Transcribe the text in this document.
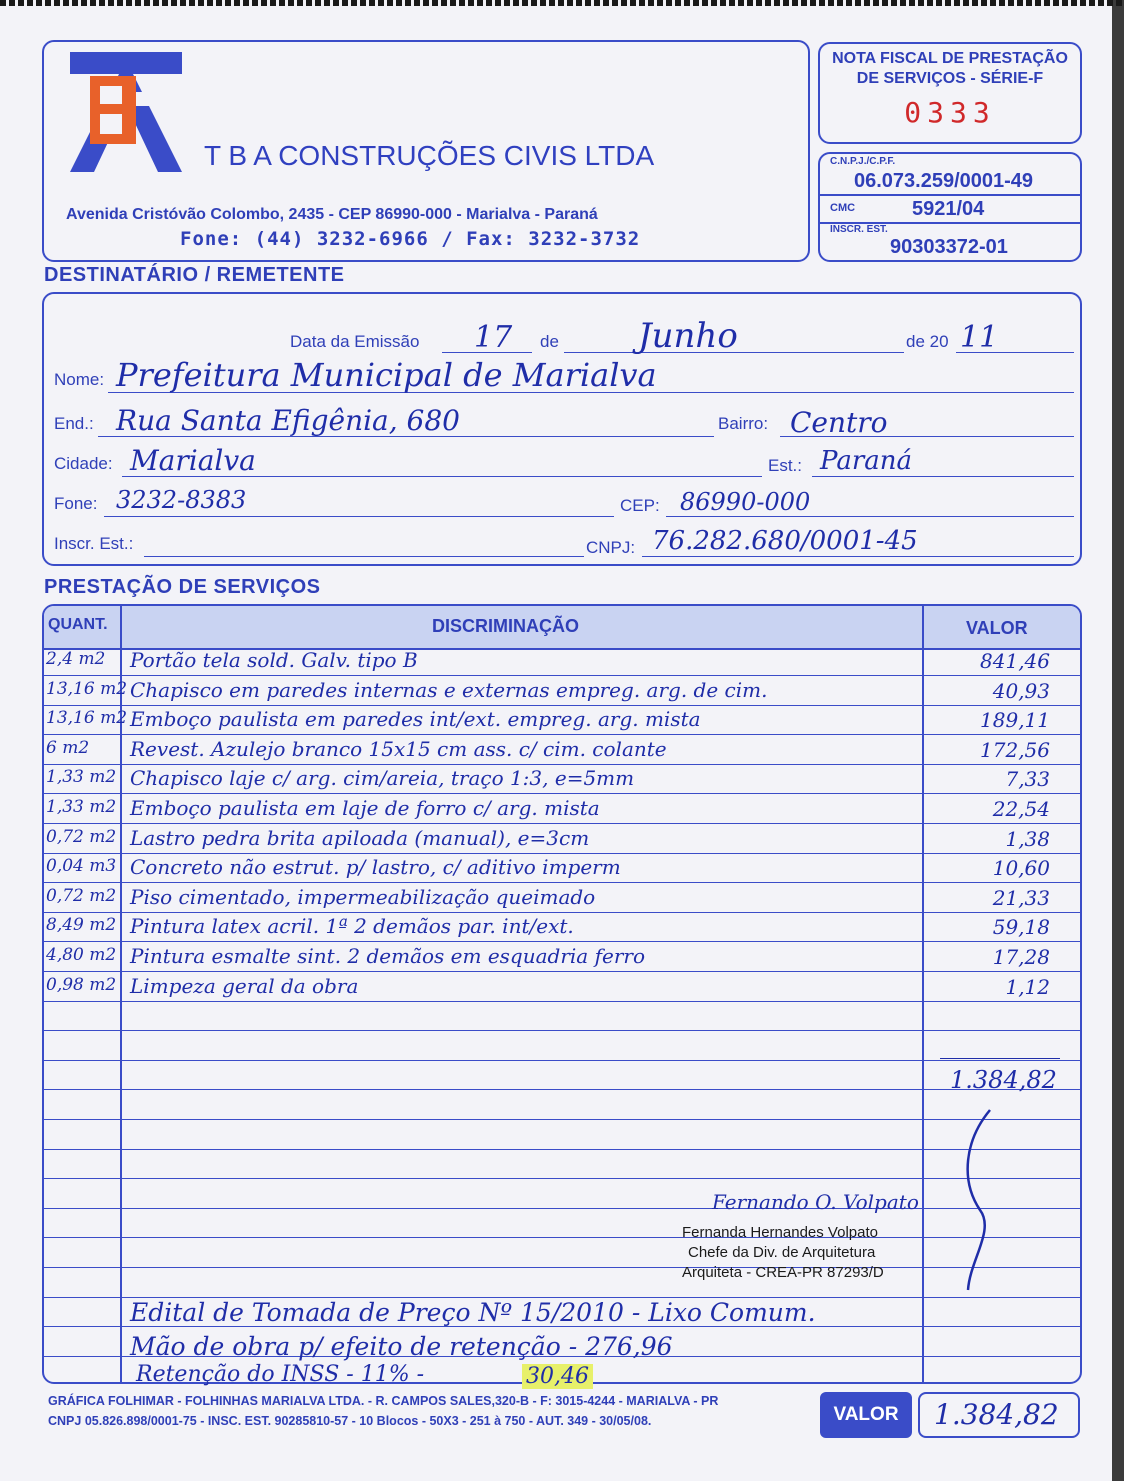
T B A CONSTRUÇÕES CIVIS LTDA
Avenida Cristóvão Colombo, 2435 - CEP 86990-000 - Marialva - Paraná
Fone: (44) 3232-6966 / Fax: 3232-3732
NOTA FISCAL DE PRESTAÇÃO
DE SERVIÇOS - SÉRIE-F
0333
C.N.P.J./C.P.F.
06.073.259/0001-49
CMC	5921/04
INSCR. EST.
90303372-01
DESTINATÁRIO / REMETENTE
Data da Emissão 17 de Junho	de 20 11
Nome: Prefeitura Municipal de Marialva
End.: Rua Santa Efigênia, 680	Bairro: Centro
Cidade: Marialva	Est.: Paraná
Fone: 3232-8383	CEP: 86990-000
Inscr. Est.:	CNPJ: 76.282.680/0001-45
PRESTAÇÃO DE SERVIÇOS
QUANT.	DISCRIMINAÇÃO	VALOR
2,4 m2	Portão tela sold. Galv. tipo B	841,46
13,16 m2 Chapisco em paredes internas e externas empreg. arg. de cim.	40,93
13,16 m2 Emboço paulista em paredes int/ext. empreg. arg. mista	189,11
6 m2	Revest. Azulejo branco 15x15 cm ass. c/ cim. colante	172,56
1,33 m2 Chapisco laje c/ arg. cim/areia, traço 1:3, e=5mm	7,33
1,33 m2 Emboço paulista em laje de forro c/ arg. mista	22,54
0,72 m2 Lastro pedra brita apiloada (manual), e=3cm	1,38
0,04 m3 Concreto não estrut. p/ lastro, c/ aditivo imperm	10,60
0,72 m2 Piso cimentado, impermeabilização queimado	21,33
8,49 m2 Pintura latex acril. 1ª 2 demãos par. int/ext.	59,18
4,80 m2 Pintura esmalte sint. 2 demãos em esquadria ferro	17,28
0,98 m2 Limpeza geral da obra	1,12
1.384,82
Fernando O. Volpato
Fernanda Hernandes Volpato
Chefe da Div. de Arquitetura
Arquiteta - CREA-PR 87293/D
Edital de Tomada de Preço Nº 15/2010 - Lixo Comum.
Mão de obra p/ efeito de retenção - 276,96
Retenção do INSS - 11% -	30,46
GRÁFICA FOLHIMAR - FOLHINHAS MARIALVA LTDA. - R. CAMPOS SALES,320-B - F: 3015-4244 - MARIALVA - PR
CNPJ 05.826.898/0001-75 - INSC. EST. 90285810-57 - 10 Blocos - 50X3 - 251 à 750 - AUT. 349 - 30/05/08.	VALOR 1.384,82
